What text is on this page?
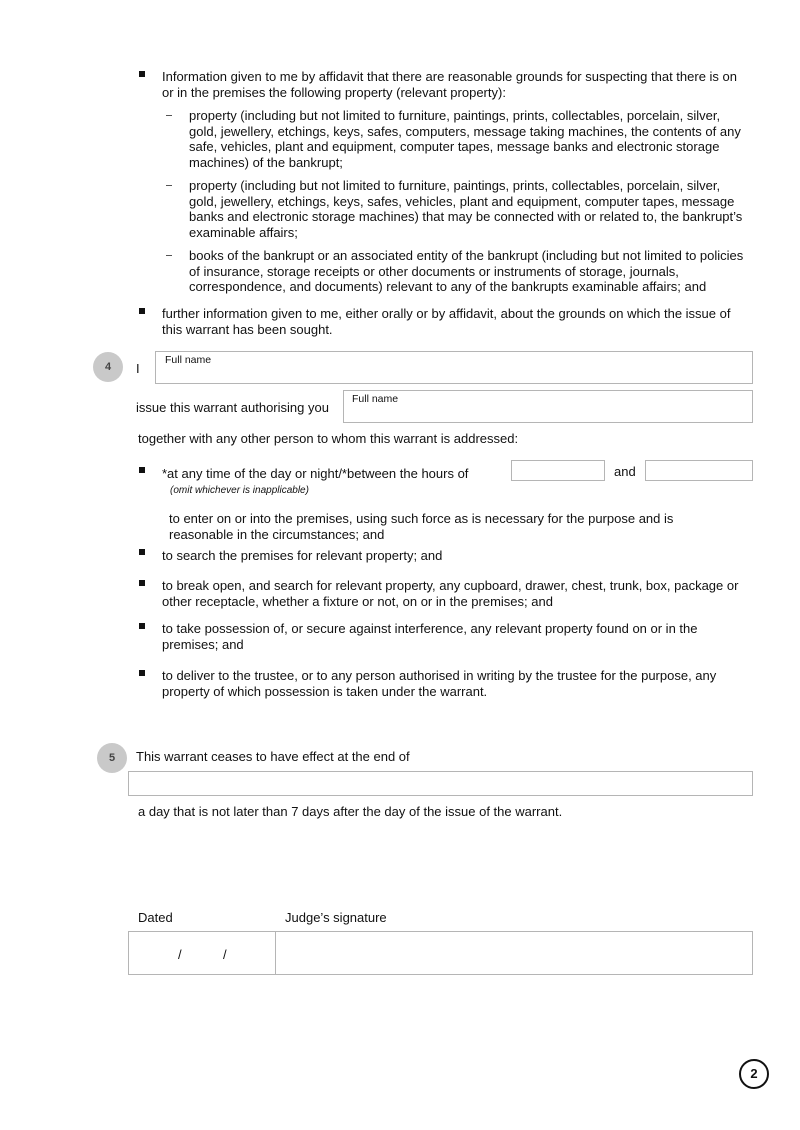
Information given to me by affidavit that there are reasonable grounds for suspecting that there is on or in the premises the following property (relevant property):
property (including but not limited to furniture, paintings, prints, collectables, porcelain, silver, gold, jewellery, etchings, keys, safes, computers, message taking machines, the contents of any safe, vehicles, plant and equipment, computer tapes, message banks and electronic storage machines) of the bankrupt;
property (including but not limited to furniture, paintings, prints, collectables, porcelain, silver, gold, jewellery, etchings, keys, safes, vehicles, plant and equipment, computer tapes, message banks and electronic storage machines) that may be connected with or related to, the bankrupt’s examinable affairs;
books of the bankrupt or an associated entity of the bankrupt (including but not limited to policies of insurance, storage receipts or other documents or instruments of storage, journals, correspondence, and documents) relevant to any of the bankrupts examinable affairs; and
further information given to me, either orally or by affidavit, about the grounds on which the issue of this warrant has been sought.
4	I
Full name
issue this warrant authorising you
Full name
together with any other person to whom this warrant is addressed:
*at any time of the day or night/*between the hours of
(omit whichever is inapplicable)
and
to enter on or into the premises, using such force as is necessary for the purpose and is reasonable in the circumstances; and
to search the premises for relevant property; and
to break open, and search for relevant property, any cupboard, drawer, chest, trunk, box, package or other receptacle, whether a fixture or not, on or in the premises; and
to take possession of, or secure against interference, any relevant property found on or in the premises; and
to deliver to the trustee, or to any person authorised in writing by the trustee for the purpose, any property of which possession is taken under the warrant.
5	This warrant ceases to have effect at the end of
a day that is not later than 7 days after the day of the issue of the warrant.
Dated	Judge’s signature
/	/
2
